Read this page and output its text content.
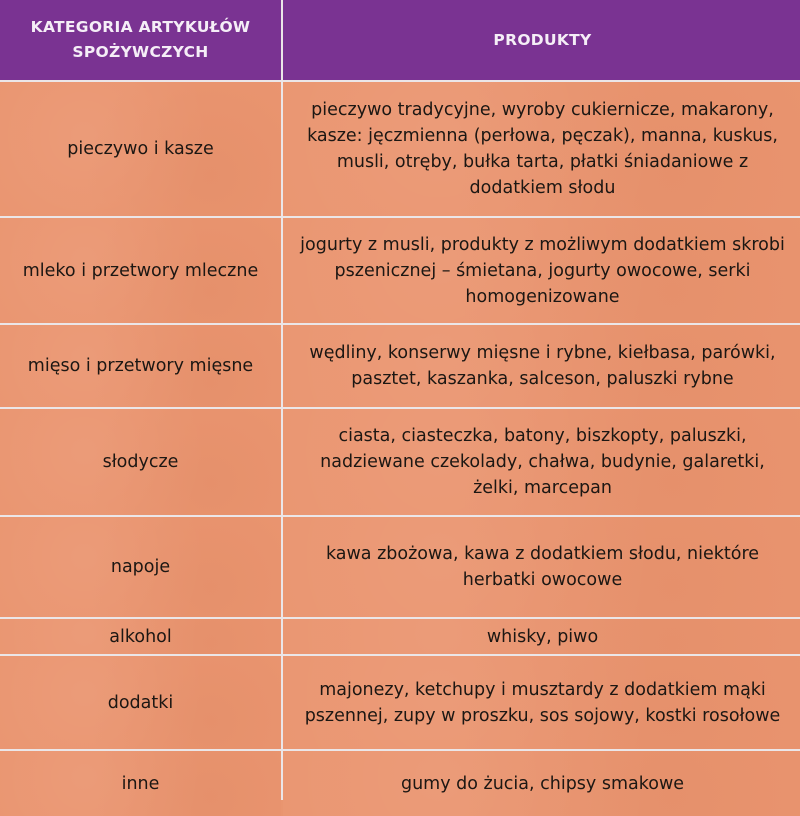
KATEGORIA ARTYKUŁÓW SPOŻYWCZYCH
PRODUKTY
pieczywo i kasze
pieczywo tradycyjne, wyroby cukiernicze, makarony, kasze: jęczmienna (perłowa, pęczak), manna, kuskus, musli, otręby, bułka tarta, płatki śniadaniowe z dodatkiem słodu
mleko i przetwory mleczne
jogurty z musli, produkty z możliwym dodatkiem skrobi pszenicznej – śmietana, jogurty owocowe, serki homogenizowane
mięso i przetwory mięsne
wędliny, konserwy mięsne i rybne, kiełbasa, parówki, pasztet, kaszanka, salceson, paluszki rybne
słodycze
ciasta, ciasteczka, batony, biszkopty, paluszki, nadziewane czekolady, chałwa, budynie, galaretki, żelki, marcepan
napoje
kawa zbożowa, kawa z dodatkiem słodu, niektóre herbatki owocowe
alkohol	whisky, piwo
dodatki
majonezy, ketchupy i musztardy z dodatkiem mąki pszennej, zupy w proszku, sos sojowy, kostki rosołowe
inne	gumy do żucia, chipsy smakowe
